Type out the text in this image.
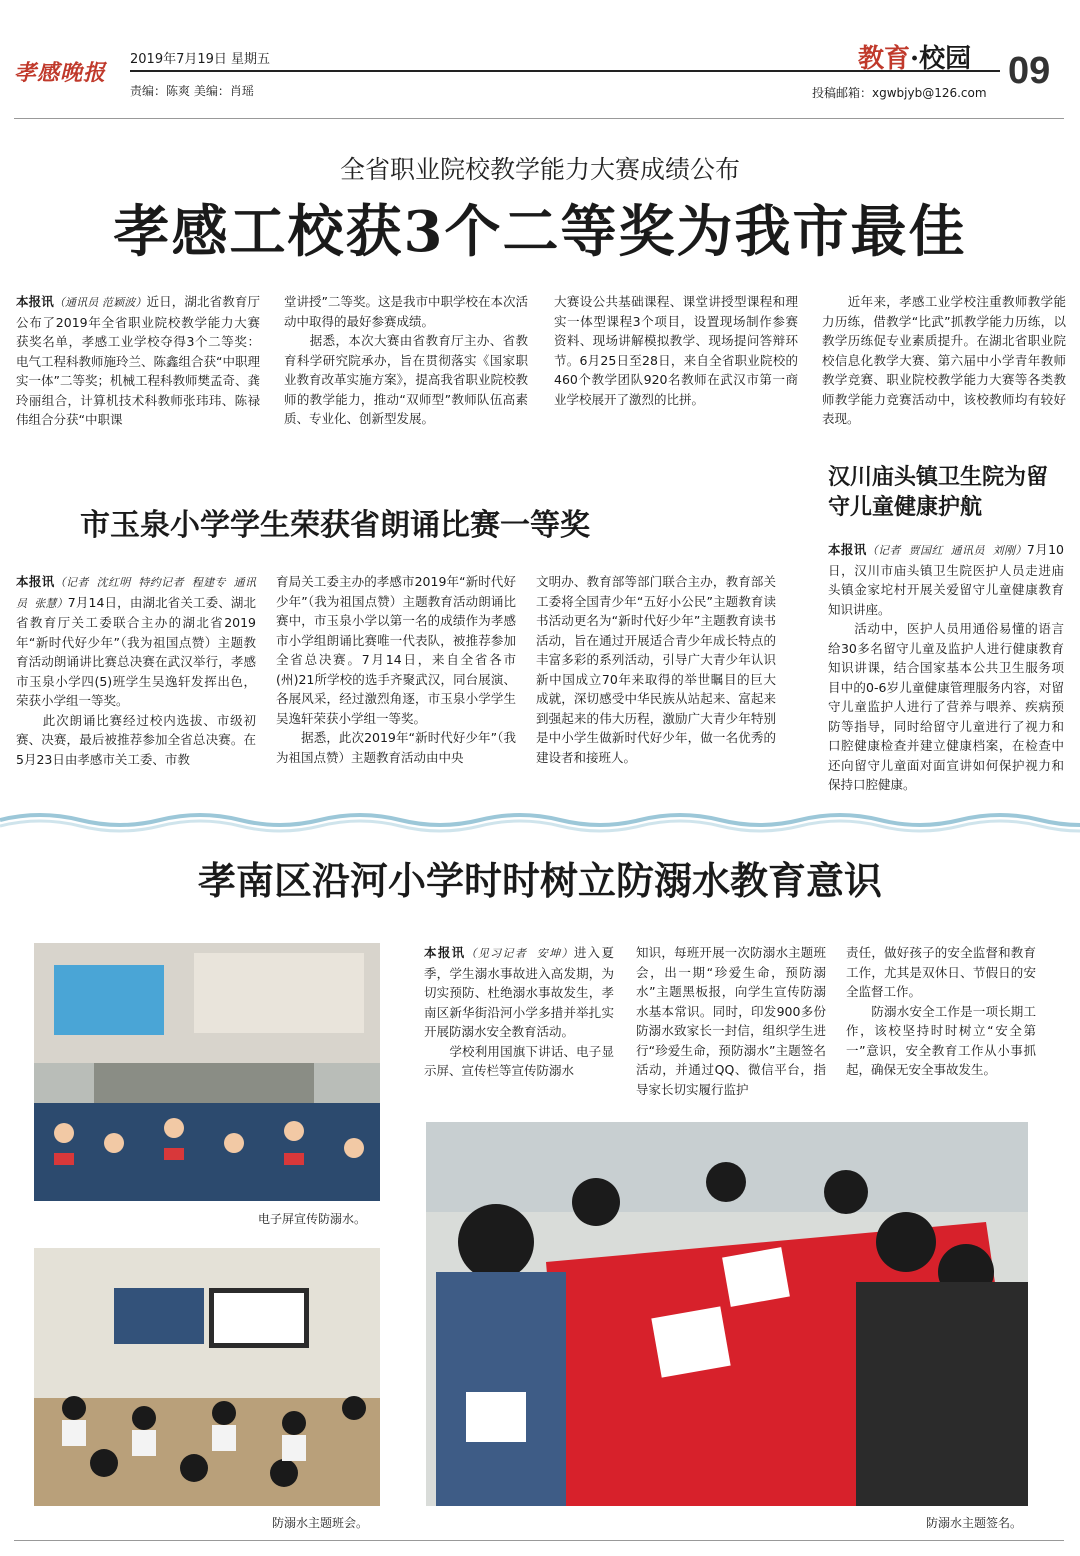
孝感晚报
2019年7月19日 星期五
责编：陈爽 美编：肖瑶
教育·校园 09
投稿邮箱：xgwbjyb@126.com
全省职业院校教学能力大赛成绩公布
孝感工校获3个二等奖为我市最佳
本报讯（通讯员 范颖波）近日，湖北省教育厅公布了2019年全省职业院校教学能力大赛获奖名单，孝感工业学校夺得3个二等奖：电气工程科教师施玲兰、陈鑫组合获“中职理实一体”二等奖；机械工程科教师樊孟奇、龚玲丽组合，计算机技术科教师张玮玮、陈禄伟组合分获“中职课
堂讲授”二等奖。这是我市中职学校在本次活动中取得的最好参赛成绩。
　　据悉，本次大赛由省教育厅主办、省教育科学研究院承办，旨在贯彻落实《国家职业教育改革实施方案》，提高我省职业院校教师的教学能力，推动“双师型”教师队伍高素质、专业化、创新型发展。
大赛设公共基础课程、课堂讲授型课程和理实一体型课程3个项目，设置现场制作参赛资料、现场讲解模拟教学、现场提问答辩环节。6月25日至28日，来自全省职业院校的460个教学团队920名教师在武汉市第一商业学校展开了激烈的比拼。
　　近年来，孝感工业学校注重教师教学能力历练，借教学“比武”抓教学能力历练，以教学历练促专业素质提升。在湖北省职业院校信息化教学大赛、第六届中小学青年教师教学竞赛、职业院校教学能力大赛等各类教师教学能力竞赛活动中，该校教师均有较好表现。
汉川庙头镇卫生院为留守儿童健康护航
本报讯（记者  贾国红  通讯员  刘刚）7月10日，汉川市庙头镇卫生院医护人员走进庙头镇金家坨村开展关爱留守儿童健康教育知识讲座。
　　活动中，医护人员用通俗易懂的语言给30多名留守儿童及监护人进行健康教育知识讲课，结合国家基本公共卫生服务项目中的0-6岁儿童健康管理服务内容，对留守儿童监护人进行了营养与喂养、疾病预防等指导，同时给留守儿童进行了视力和口腔健康检查并建立健康档案，在检查中还向留守儿童面对面宣讲如何保护视力和保持口腔健康。
市玉泉小学学生荣获省朗诵比赛一等奖
本报讯（记者  沈红明  特约记者  程建专  通讯员  张慧）7月14日，由湖北省关工委、湖北省教育厅关工委联合主办的湖北省2019年“新时代好少年”（我为祖国点赞）主题教育活动朗诵讲比赛总决赛在武汉举行，孝感市玉泉小学四(5)班学生吴逸轩发挥出色，荣获小学组一等奖。
　　此次朗诵比赛经过校内选拔、市级初赛、决赛，最后被推荐参加全省总决赛。在5月23日由孝感市关工委、市教
育局关工委主办的孝感市2019年“新时代好少年”（我为祖国点赞）主题教育活动朗诵比赛中，市玉泉小学以第一名的成绩作为孝感市小学组朗诵比赛唯一代表队，被推荐参加全省总决赛。7月14日，来自全省各市(州)21所学校的选手齐聚武汉，同台展演、各展风采，经过激烈角逐，市玉泉小学学生吴逸轩荣获小学组一等奖。
　　据悉，此次2019年“新时代好少年”（我为祖国点赞）主题教育活动由中央
文明办、教育部等部门联合主办，教育部关工委将全国青少年“五好小公民”主题教育读书活动更名为“新时代好少年”主题教育读书活动，旨在通过开展适合青少年成长特点的丰富多彩的系列活动，引导广大青少年认识新中国成立70年来取得的举世瞩目的巨大成就，深切感受中华民族从站起来、富起来到强起来的伟大历程，激励广大青少年特别是中小学生做新时代好少年，做一名优秀的建设者和接班人。
孝南区沿河小学时时树立防溺水教育意识
电子屏宣传防溺水。
防溺水主题班会。
本报讯（见习记者  安坤）进入夏季，学生溺水事故进入高发期，为切实预防、杜绝溺水事故发生，孝南区新华街沿河小学多措并举扎实开展防溺水安全教育活动。
　　学校利用国旗下讲话、电子显示屏、宣传栏等宣传防溺水
知识，每班开展一次防溺水主题班会，出一期“珍爱生命，预防溺水”主题黑板报，向学生宣传防溺水基本常识。同时，印发900多份防溺水致家长一封信，组织学生进行“珍爱生命，预防溺水”主题签名活动，并通过QQ、微信平台，指导家长切实履行监护
责任，做好孩子的安全监督和教育工作，尤其是双休日、节假日的安全监督工作。
　　防溺水安全工作是一项长期工作，该校坚持时时树立“安全第一”意识，安全教育工作从小事抓起，确保无安全事故发生。
防溺水主题签名。
